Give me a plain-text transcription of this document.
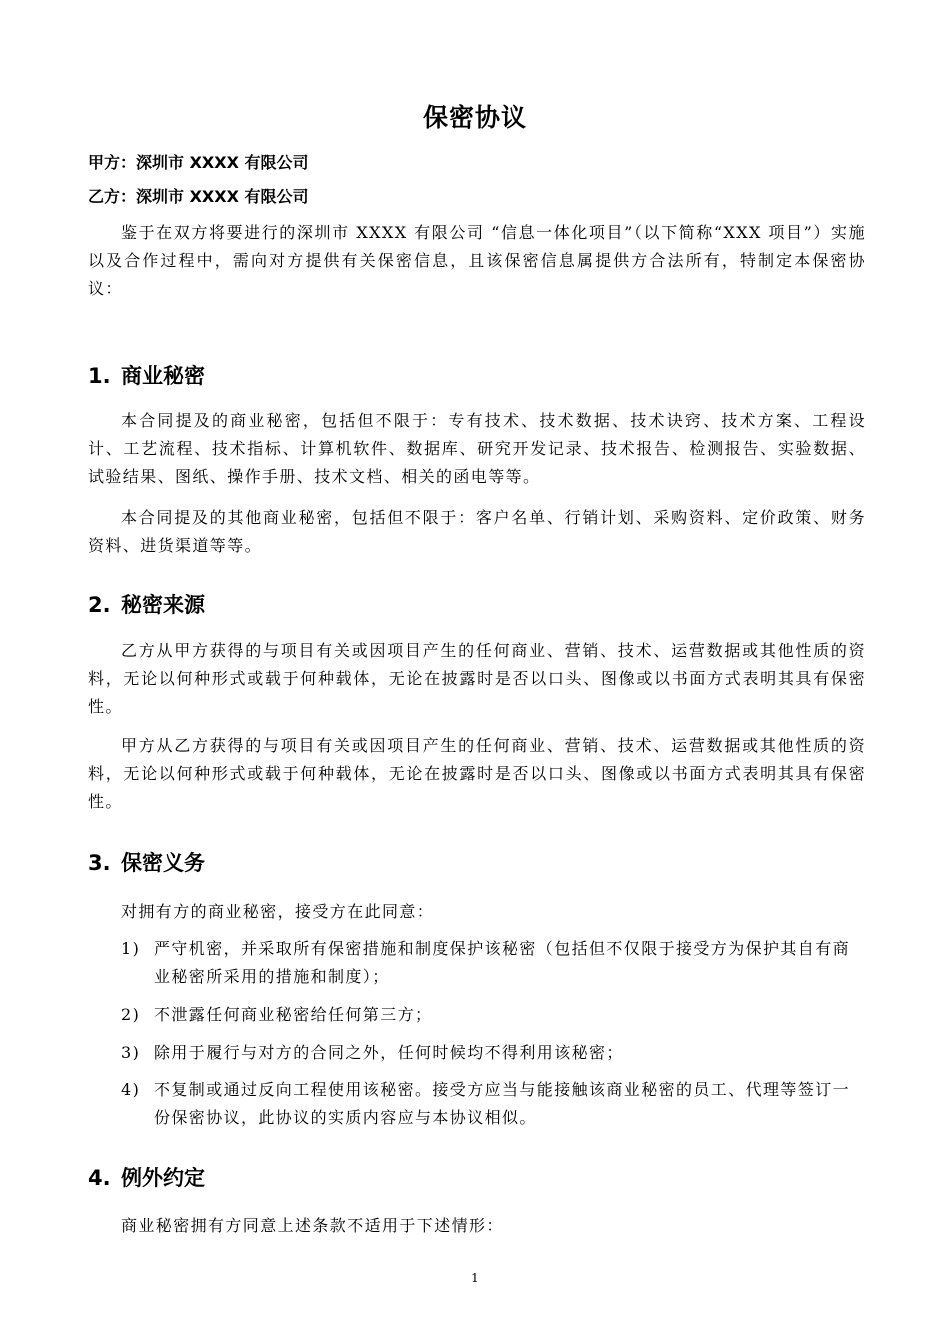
保密协议
甲方：深圳市 XXXX 有限公司
乙方：深圳市 XXXX 有限公司
鉴于在双方将要进行的深圳市 XXXX 有限公司 “信息一体化项目”（以下简称“XXX 项目”）实施以及合作过程中，需向对方提供有关保密信息，且该保密信息属提供方合法所有，特制定本保密协议：
1. 商业秘密
本合同提及的商业秘密，包括但不限于：专有技术、技术数据、技术诀窍、技术方案、工程设计、工艺流程、技术指标、计算机软件、数据库、研究开发记录、技术报告、检测报告、实验数据、试验结果、图纸、操作手册、技术文档、相关的函电等等。
本合同提及的其他商业秘密，包括但不限于：客户名单、行销计划、采购资料、定价政策、财务资料、进货渠道等等。
2. 秘密来源
乙方从甲方获得的与项目有关或因项目产生的任何商业、营销、技术、运营数据或其他性质的资料，无论以何种形式或载于何种载体，无论在披露时是否以口头、图像或以书面方式表明其具有保密性。
甲方从乙方获得的与项目有关或因项目产生的任何商业、营销、技术、运营数据或其他性质的资料，无论以何种形式或载于何种载体，无论在披露时是否以口头、图像或以书面方式表明其具有保密性。
3. 保密义务
对拥有方的商业秘密，接受方在此同意：
1) 严守机密，并采取所有保密措施和制度保护该秘密（包括但不仅限于接受方为保护其自有商业秘密所采用的措施和制度）；
2) 不泄露任何商业秘密给任何第三方；
3) 除用于履行与对方的合同之外，任何时候均不得利用该秘密；
4) 不复制或通过反向工程使用该秘密。接受方应当与能接触该商业秘密的员工、代理等签订一份保密协议，此协议的实质内容应与本协议相似。
4. 例外约定
商业秘密拥有方同意上述条款不适用于下述情形：
1
